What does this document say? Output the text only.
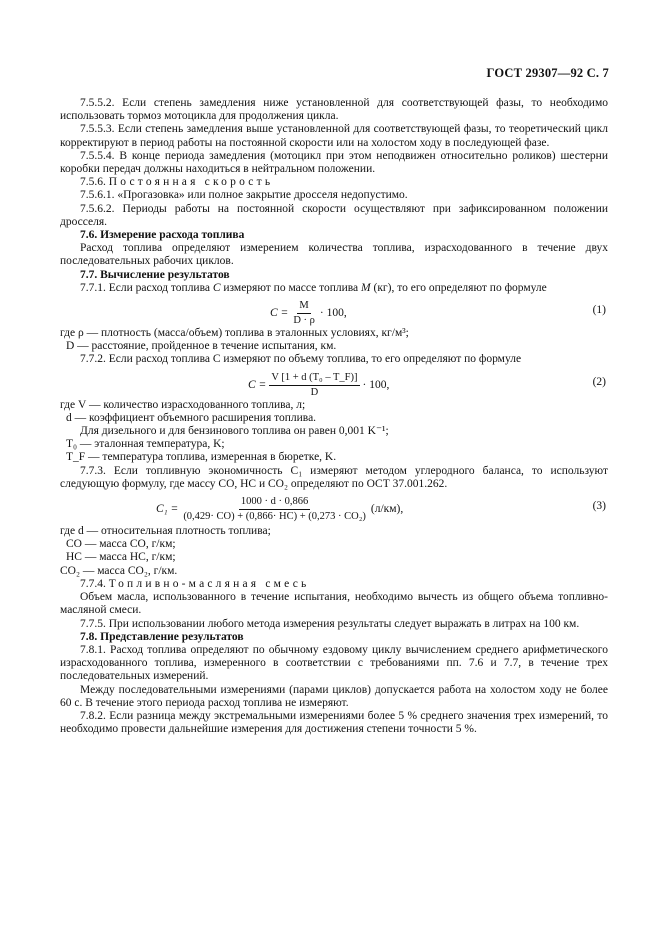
ГОСТ 29307—92 С. 7

7.5.5.2. Если степень замедления ниже установленной для соответствующей фазы, то необходимо использовать тормоз мотоцикла для продолжения цикла.

7.5.5.3. Если степень замедления выше установленной для соответствующей фазы, то теоретический цикл корректируют в период работы на постоянной скорости или на холостом ходу в последующей фазе.

7.5.5.4. В конце периода замедления (мотоцикл при этом неподвижен относительно роликов) шестерни коробки передач должны находиться в нейтральном положении.

7.5.6. Постоянная скорость

7.5.6.1. «Прогазовка» или полное закрытие дросселя недопустимо.

7.5.6.2. Периоды работы на постоянной скорости осуществляют при зафиксированном положении дросселя.

7.6. Измерение расхода топлива

Расход топлива определяют измерением количества топлива, израсходованного в течение двух последовательных рабочих циклов.

7.7. Вычисление результатов

7.7.1. Если расход топлива C измеряют по массе топлива M (кг), то его определяют по формуле

$C = \frac{M}{D \cdot \rho} \cdot 100$,	(1)

где ρ — плотность (масса/объем) топлива в эталонных условиях, кг/м³;

D — расстояние, пройденное в течение испытания, км.

7.7.2. Если расход топлива C измеряют по объему топлива, то его определяют по формуле

$C = \frac{\text{V [1 + d (T₀ – T\_F)]}}{D} \cdot 100$,	(2)

где V — количество израсходованного топлива, л;

d — коэффициент объемного расширения топлива.

Для дизельного и для бензинового топлива он равен 0,001 K⁻¹;

T₀ — эталонная температура, K;

T_F — температура топлива, измеренная в бюретке, K.

7.7.3. Если топливную экономичность C₁ измеряют методом углеродного баланса, то используют следующую формулу, где массу CO, HC и CO₂ определяют по ОСТ 37.001.262.

$C_1 = \frac{1000 \cdot d \cdot 0,866}{\text{(0,429· CO) + (0,866· HC) + (0,273 · CO₂)}} (л/км)$,	(3)

где d — относительная плотность топлива;

CO — масса CO, г/км;

HC — масса HC, г/км;

CO₂ — масса CO₂, г/км.

7.7.4. Топливно-масляная смесь

Объем масла, использованного в течение испытания, необходимо вычесть из общего объема топливно-масляной смеси.

7.7.5. При использовании любого метода измерения результаты следует выражать в литрах на 100 км.

7.8. Представление результатов

7.8.1. Расход топлива определяют по обычному ездовому циклу вычислением среднего арифметического израсходованного топлива, измеренного в соответствии с требованиями пп. 7.6 и 7.7, в течение трех последовательных измерений.

Между последовательными измерениями (парами циклов) допускается работа на холостом ходу не более 60 с. В течение этого периода расход топлива не измеряют.

7.8.2. Если разница между экстремальными измерениями более 5 % среднего значения трех измерений, то необходимо провести дальнейшие измерения для достижения степени точности 5 %.
